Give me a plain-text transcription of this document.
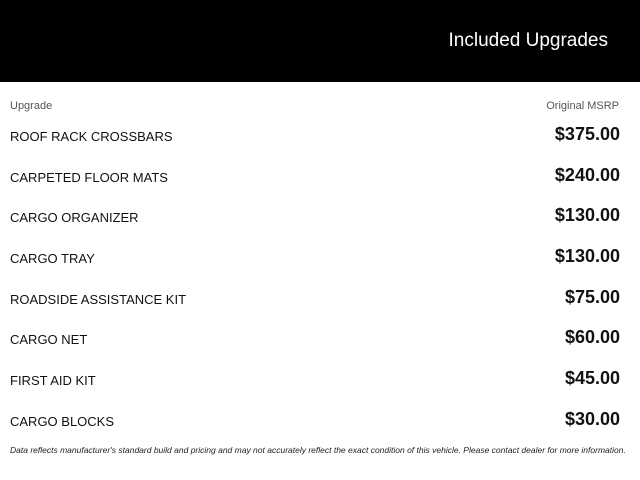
Included Upgrades
Upgrade	Original MSRP
ROOF RACK CROSSBARS	$375.00
CARPETED FLOOR MATS	$240.00
CARGO ORGANIZER	$130.00
CARGO TRAY	$130.00
ROADSIDE ASSISTANCE KIT	$75.00
CARGO NET	$60.00
FIRST AID KIT	$45.00
CARGO BLOCKS	$30.00
Data reflects manufacturer's standard build and pricing and may not accurately reflect the exact condition of this vehicle. Please contact dealer for more information.
